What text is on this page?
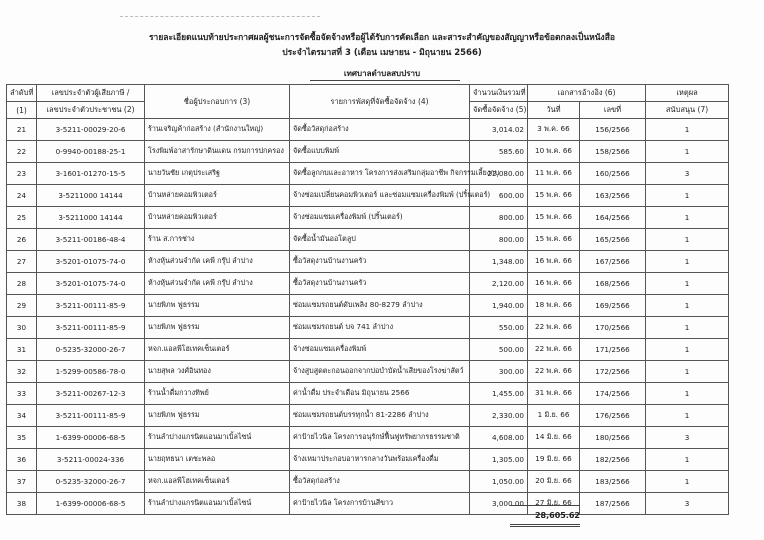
รายละเอียดแนบท้ายประกาศผลผู้ชนะการจัดซื้อจัดจ้างหรือผู้ได้รับการคัดเลือก และสาระสำคัญของสัญญาหรือข้อตกลงเป็นหนังสือ
ประจำไตรมาสที่ 3 (เดือน เมษายน - มิถุนายน 2566)
เทศบาลตำบลสบปราบ
ลำดับที่	เลขประจำตัวผู้เสียภาษี /	ชื่อผู้ประกอบการ (3)	รายการพัสดุที่จัดซื้อจัดจ้าง (4)	จำนวนเงินรวมที่	เอกสารอ้างอิง (6)		เหตุผล
(1)	เลขประจำตัวประชาชน (2)			จัดซื้อจัดจ้าง (5)	วันที่	เลขที่	สนับสนุน (7)
21	3-5211-00029-20-6	ร้านเจริญค้าก่อสร้าง (สำนักงานใหญ่)	จัดซื้อวัสดุก่อสร้าง	3,014.02	3 พ.ค. 66	156/2566	1
22	0-9940-00188-25-1	โรงพิมพ์อาสารักษาดินแดน กรมการปกครอง	จัดซื้อแบบพิมพ์	585.60	10 พ.ค. 66	158/2566	1
23	3-1601-01270-15-5	นายวันชัย เกตุประเสริฐ	จัดซื้อลูกกบและอาหาร โครงการส่งเสริมกลุ่มอาชีพ กิจกรรมเลี้ยงกบ	22,080.00	11 พ.ค. 66	160/2566	3
24	3-5211000 14144	บ้านหล่ายคอมพิวเตอร์	จ้างซ่อมเปลี่ยนคอมพิวเตอร์ และซ่อมแซมเครื่องพิมพ์ (ปริ้นเตอร์)	600.00	15 พ.ค. 66	163/2566	1
25	3-5211000 14144	บ้านหล่ายคอมพิวเตอร์	จ้างซ่อมแซมเครื่องพิมพ์ (ปริ้นเตอร์)	800.00	15 พ.ค. 66	164/2566	1
26	3-5211-00186-48-4	ร้าน ส.การช่าง	จัดซื้อน้ำมันออโตลูป	800.00	15 พ.ค. 66	165/2566	1
27	3-5201-01075-74-0	ห้างหุ้นส่วนจำกัด เคพี กรุ๊ป ลำปาง	ซื้อวัสดุงานบ้านงานครัว	1,348.00	16 พ.ค. 66	167/2566	1
28	3-5201-01075-74-0	ห้างหุ้นส่วนจำกัด เคพี กรุ๊ป ลำปาง	ซื้อวัสดุงานบ้านงานครัว	2,120.00	16 พ.ค. 66	168/2566	1
29	3-5211-00111-85-9	นายพิภพ ฟูธรรม	ซ่อมแซมรถยนต์ดับเพลิง 80-8279 ลำปาง	1,940.00	18 พ.ค. 66	169/2566	1
30	3-5211-00111-85-9	นายพิภพ ฟูธรรม	ซ่อมแซมรถยนต์ บจ 741 ลำปาง	550.00	22 พ.ค. 66	170/2566	1
31	0-5235-32000-26-7	หจก.แอลพีโฮเทคเซ็นเตอร์	จ้างซ่อมแซมเครื่องพิมพ์	500.00	22 พ.ค. 66	171/2566	1
32	1-5299-00586-78-0	นายสุพล วงศ์อินทอง	จ้างสูบสูดตะกอนออกจากบ่อบำบัดน้ำเสียของโรงฆ่าสัตว์	300.00	22 พ.ค. 66	172/2566	1
33	3-5211-00267-12-3	ร้านน้ำดื่มกวางทิพย์	ค่าน้ำดื่ม ประจำเดือน มิถุนายน 2566	1,455.00	31 พ.ค. 66	174/2566	1
34	3-5211-00111-85-9	นายพิภพ ฟูธรรม	ซ่อมแซมรถยนต์บรรทุกน้ำ 81-2286 ลำปาง	2,330.00	1 มิ.ย. 66	176/2566	1
35	1-6399-00006-68-5	ร้านลำปางแกรนิตแอนมาเบิ้ลไซน์	ค่าป้ายไวนิล โครงการอนุรักษ์ฟื้นฟูทรัพยากรธรรมชาติ	4,608.00	14 มิ.ย. 66	180/2566	3
36	3-5211-00024-336	นายฤทธนา เตชะพลอ	จ้างเหมาประกอบอาหารกลางวันพร้อมเครื่องดื่ม	1,305.00	19 มิ.ย. 66	182/2566	1
37	0-5235-32000-26-7	หจก.แอลพีโฮเทคเซ็นเตอร์	ซื้อวัสดุก่อสร้าง	1,050.00	20 มิ.ย. 66	183/2566	1
38	1-6399-00006-68-5	ร้านลำปางแกรนิตแอนมาเบิ้ลไซน์	ค่าป้ายไวนิล โครงการบ้านสีขาว	3,000.00	27 มิ.ย. 66	187/2566	3
28,605.62
